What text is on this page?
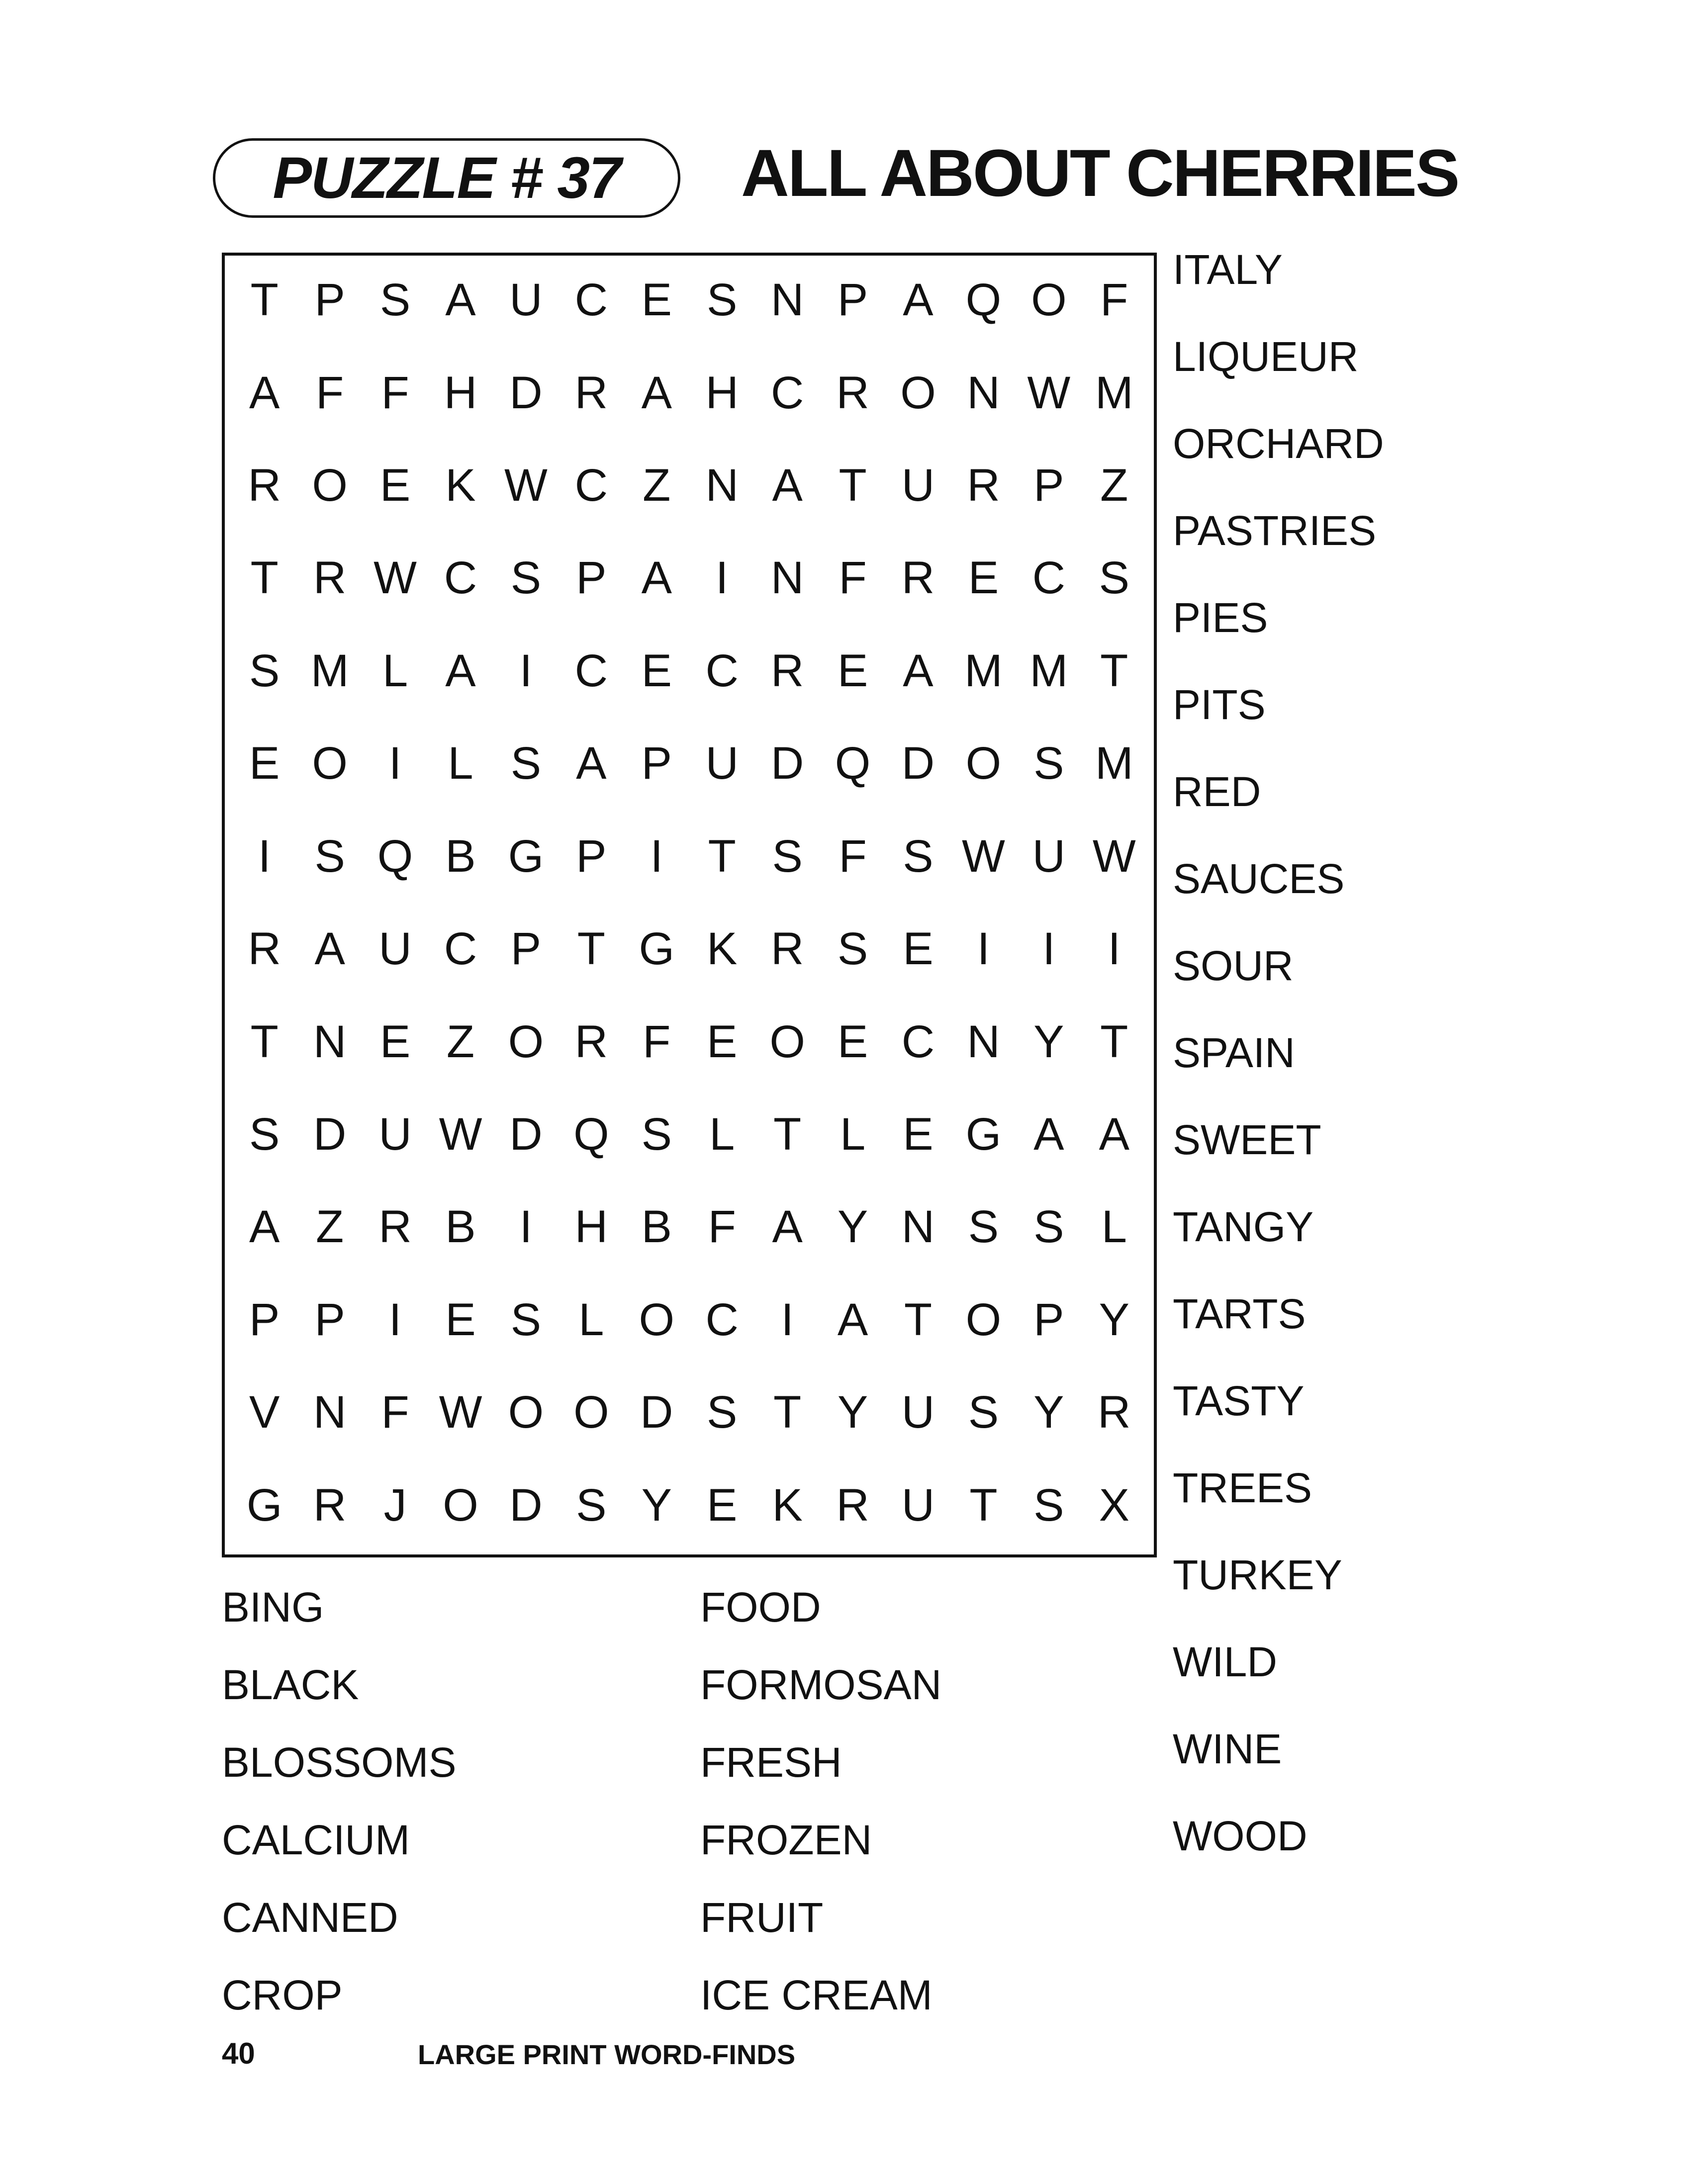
PUZZLE # 37 ALL ABOUT CHERRIES
T P S A U C E S N P A Q O F
A F F H D R A H C R O N W M
R O E K W C Z N A T U R P Z
T R W C S P A I N F R E C S
S M L A I C E C R E A M M T
E O I	L S A P U D Q D O S M
I S Q B G P I T S F S W U W
R A U C P T G K R S E I	I	I
T N E Z O R F E O E C N Y T
S D U W D Q S L T L E G A A
A Z R B I H B F A Y N S S L
P P I E S L O C I A T O P Y
V N F W O O D S T Y U S Y R
G R J O D S Y E K R U T S X
ITALY
LIQUEUR
ORCHARD
PASTRIES
PIES
PITS
RED
SAUCES
SOUR
SPAIN
SWEET
TANGY
TARTS
TASTY
TREES
TURKEY
WILD
WINE
WOOD
BING
BLACK
BLOSSOMS
CALCIUM
CANNED
CROP
FOOD
FORMOSAN
FRESH
FROZEN
FRUIT
ICE CREAM
40	LARGE PRINT WORD-FINDS
